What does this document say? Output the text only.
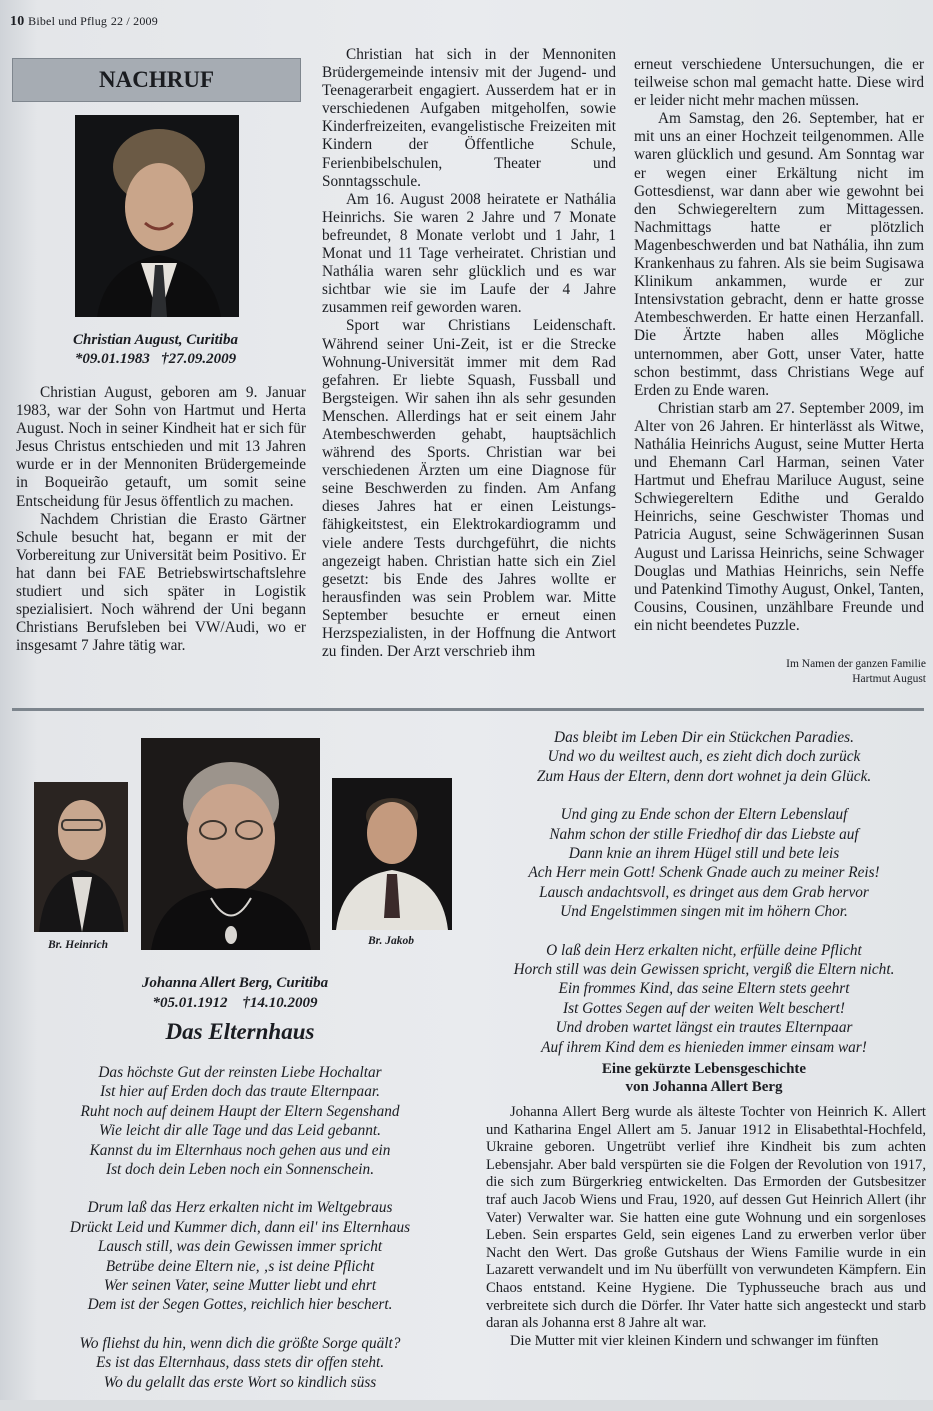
10 Bibel und Pflug 22 / 2009
NACHRUF
Christian August, Curitiba
*09.01.1983   †27.09.2009

Christian August, geboren am 9. Januar 1983, war der Sohn von Hartmut und Herta August. Noch in seiner Kindheit hat er sich für Jesus Christus entschieden und mit 13 Jahren wurde er in der Mennoniten Brüdergemeinde in Boqueirão getauft, um somit seine Entscheidung für Jesus öffentlich zu machen.

Nachdem Christian die Erasto Gärtner Schule besucht hat, begann er mit der Vorbereitung zur Universität beim Positivo. Er hat dann bei FAE Betriebswirtschaftslehre studiert und sich später in Logistik spezialisiert. Noch während der Uni begann Christians Berufsleben bei VW/Audi, wo er insgesamt 7 Jahre tätig war.

Christian hat sich in der Mennoniten Brüdergemeinde intensiv mit der Jugend- und Teenagerarbeit engagiert. Ausserdem hat er in verschiedenen Aufgaben mitgeholfen, sowie Kinderfreizeiten, evangelistische Freizeiten mit Kindern der Öffentliche Schule, Ferienbibelschulen, Theater und Sonntagsschule.

Am 16. August 2008 heiratete er Nathália Heinrichs. Sie waren 2 Jahre und 7 Monate befreundet, 8 Monate verlobt und 1 Jahr, 1 Monat und 11 Tage verheiratet. Christian und Nathália waren sehr glücklich und es war sichtbar wie sie im Laufe der 4 Jahre zusammen reif geworden waren.

Sport war Christians Leidenschaft. Während seiner Uni-Zeit, ist er die Strecke Wohnung-Universität immer mit dem Rad gefahren. Er liebte Squash, Fussball und Bergsteigen. Wir sahen ihn als sehr gesunden Menschen. Allerdings hat er seit einem Jahr Atembeschwerden gehabt, hauptsächlich während des Sports. Christian war bei verschiedenen Ärzten um eine Diagnose für seine Beschwerden zu finden. Am Anfang dieses Jahres hat er einen Leistungs-fähigkeitstest, ein Elektrokardiogramm und viele andere Tests durchgeführt, die nichts angezeigt haben. Christian hatte sich ein Ziel gesetzt: bis Ende des Jahres wollte er herausfinden was sein Problem war. Mitte September besuchte er erneut einen Herzspezialisten, in der Hoffnung die Antwort zu finden. Der Arzt verschrieb ihm

erneut verschiedene Untersuchungen, die er teilweise schon mal gemacht hatte. Diese wird er leider nicht mehr machen müssen.

Am Samstag, den 26. September, hat er mit uns an einer Hochzeit teilgenommen. Alle waren glücklich und gesund. Am Sonntag war er wegen einer Erkältung nicht im Gottesdienst, war dann aber wie gewohnt bei den Schwiegereltern zum Mittagessen. Nachmittags hatte er plötzlich Magenbeschwerden und bat Nathália, ihn zum Krankenhaus zu fahren. Als sie beim Sugisawa Klinikum ankammen, wurde er zur Intensivstation gebracht, denn er hatte grosse Atembeschwerden. Er hatte einen Herzanfall. Die Ärtzte haben alles Mögliche unternommen, aber Gott, unser Vater, hatte schon bestimmt, dass Christians Wege auf Erden zu Ende waren.

Christian starb am 27. September 2009, im Alter von 26 Jahren. Er hinterlässt als Witwe, Nathália Heinrichs August, seine Mutter Herta und Ehemann Carl Harman, seinen Vater Hartmut und Ehefrau Mariluce August, seine Schwiegereltern Edithe und Geraldo Heinrichs, seine Geschwister Thomas und Patricia August, seine Schwägerinnen Susan August und Larissa Heinrichs, seine Schwager Douglas und Mathias Heinrichs, sein Neffe und Patenkind Timothy August, Onkel, Tanten, Cousins, Cousinen, unzählbare Freunde und ein nicht beendetes Puzzle.

Im Namen der ganzen Familie
Hartmut August
Br. Heinrich	Br. Jakob
Johanna Allert Berg, Curitiba
*05.01.1912    †14.10.2009
Das Elternhaus
Das höchste Gut der reinsten Liebe Hochaltar
Ist hier auf Erden doch das traute Elternpaar.
Ruht noch auf deinem Haupt der Eltern Segenshand
Wie leicht dir alle Tage und das Leid gebannt.
Kannst du im Elternhaus noch gehen aus und ein
Ist doch dein Leben noch ein Sonnenschein.
Drum laß das Herz erkalten nicht im Weltgebraus
Drückt Leid und Kummer dich, dann eil' ins Elternhaus
Lausch still, was dein Gewissen immer spricht
Betrübe deine Eltern nie, ‚s ist deine Pflicht
Wer seinen Vater, seine Mutter liebt und ehrt
Dem ist der Segen Gottes, reichlich hier beschert.
Wo fliehst du hin, wenn dich die größte Sorge quält?
Es ist das Elternhaus, dass stets dir offen steht.
Wo du gelallt das erste Wort so kindlich süss
Das bleibt im Leben Dir ein Stückchen Paradies.
Und wo du weiltest auch, es zieht dich doch zurück
Zum Haus der Eltern, denn dort wohnet ja dein Glück.
Und ging zu Ende schon der Eltern Lebenslauf
Nahm schon der stille Friedhof dir das Liebste auf
Dann knie an ihrem Hügel still und bete leis
Ach Herr mein Gott! Schenk Gnade auch zu meiner Reis!
Lausch andachtsvoll, es dringet aus dem Grab hervor
Und Engelstimmen singen mit im höhern Chor.
O laß dein Herz erkalten nicht, erfülle deine Pflicht
Horch still was dein Gewissen spricht, vergiß die Eltern nicht.
Ein frommes Kind, das seine Eltern stets geehrt
Ist Gottes Segen auf der weiten Welt beschert!
Und droben wartet längst ein trautes Elternpaar
Auf ihrem Kind dem es hienieden immer einsam war!
Eine gekürzte Lebensgeschichte
von Johanna Allert Berg

Johanna Allert Berg wurde als älteste Tochter von Heinrich K. Allert und Katharina Engel Allert am 5. Januar 1912 in Elisabethtal-Hochfeld, Ukraine geboren. Ungetrübt verlief ihre Kindheit bis zum achten Lebensjahr. Aber bald verspürten sie die Folgen der Revolution von 1917, die sich zum Bürgerkrieg entwickelten. Das Ermorden der Gutsbesitzer traf auch Jacob Wiens und Frau, 1920, auf dessen Gut Heinrich Allert (ihr Vater) Verwalter war. Sie hatten eine gute Wohnung und ein sorgenloses Leben. Sein erspartes Geld, sein eigenes Land zu erwerben verlor über Nacht den Wert. Das große Gutshaus der Wiens Familie wurde in ein Lazarett verwandelt und im Nu überfüllt von verwundeten Kämpfern. Ein Chaos entstand. Keine Hygiene. Die Typhusseuche brach aus und verbreitete sich durch die Dörfer. Ihr Vater hatte sich angesteckt und starb daran als Johanna erst 8 Jahre alt war.

Die Mutter mit vier kleinen Kindern und schwanger im fünften
